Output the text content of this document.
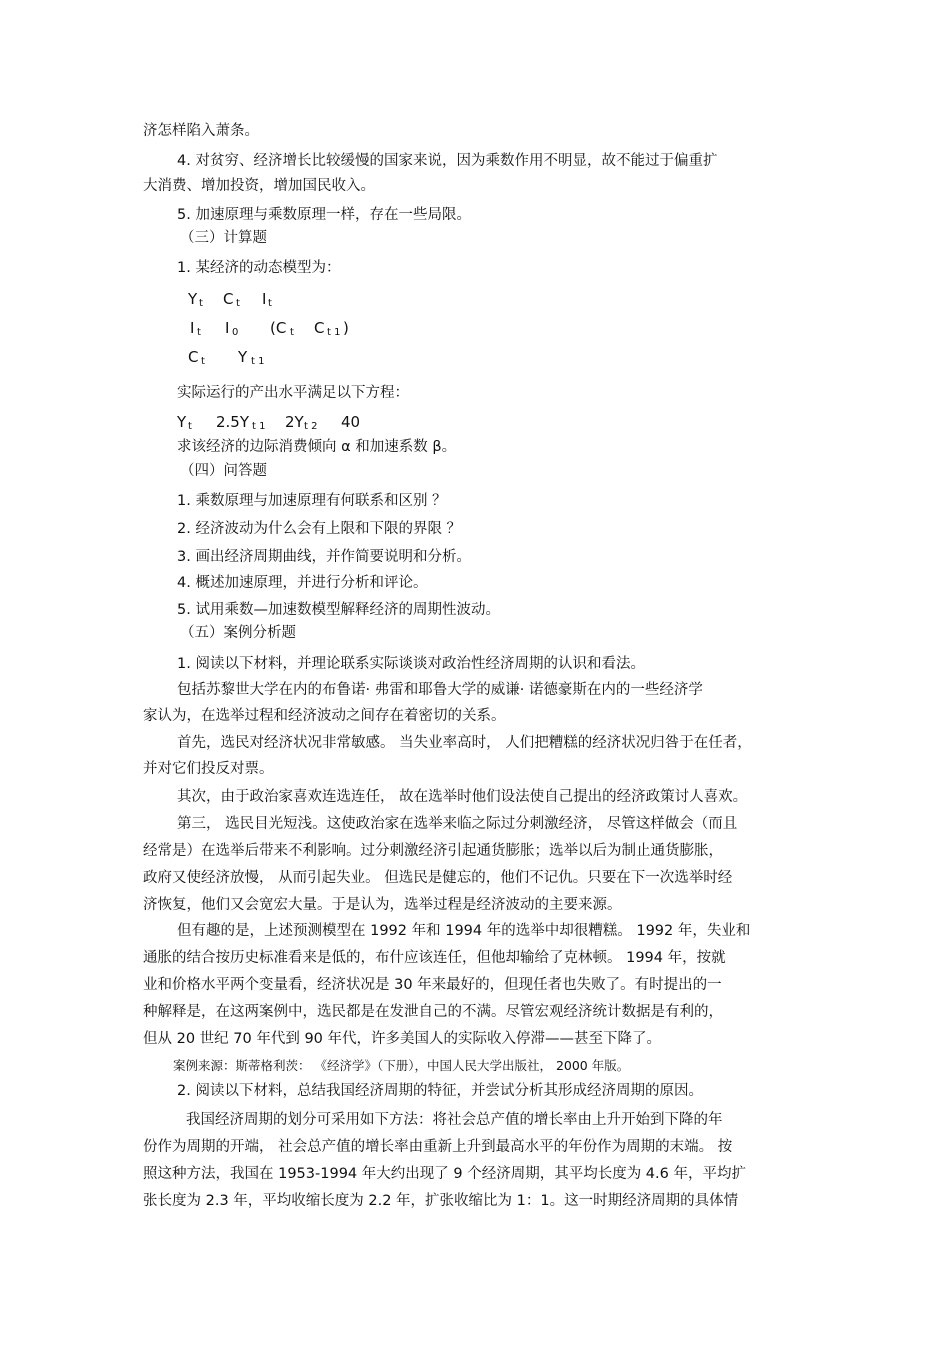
济怎样陷入萧条。
4. 对贫穷、经济增长比较缓慢的国家来说，因为乘数作用不明显，故不能过于偏重扩
大消费、增加投资，增加国民收入。
5. 加速原理与乘数原理一样，存在一些局限。
（三）计算题
1. 某经济的动态模型为：
Y t C t I t
I t I 0 (C t C t 1 )
C t Y t 1
实际运行的产出水平满足以下方程：
Y t 2.5Y t 1 2Y t 2 40
求该经济的边际消费倾向 α 和加速系数 β。
（四）问答题
1. 乘数原理与加速原理有何联系和区别 ？
2. 经济波动为什么会有上限和下限的界限 ？
3. 画出经济周期曲线，并作简要说明和分析。
4. 概述加速原理，并进行分析和评论。
5. 试用乘数—加速数模型解释经济的周期性波动。
（五）案例分析题
1. 阅读以下材料，并理论联系实际谈谈对政治性经济周期的认识和看法。
包括苏黎世大学在内的布鲁诺· 弗雷和耶鲁大学的威谦· 诺德豪斯在内的一些经济学
家认为，在选举过程和经济波动之间存在着密切的关系。
首先，选民对经济状况非常敏感。 当失业率高时， 人们把糟糕的经济状况归咎于在任者，
并对它们投反对票。
其次，由于政治家喜欢连选连任， 故在选举时他们设法使自己提出的经济政策讨人喜欢。
第三， 选民目光短浅。这使政治家在选举来临之际过分刺激经济， 尽管这样做会（而且
经常是）在选举后带来不利影响。过分刺激经济引起通货膨胀；选举以后为制止通货膨胀，
政府又使经济放慢， 从而引起失业。 但选民是健忘的，他们不记仇。只要在下一次选举时经
济恢复，他们又会宽宏大量。于是认为，选举过程是经济波动的主要来源。
但有趣的是，上述预测模型在 1992 年和 1994 年的选举中却很糟糕。 1992 年，失业和
通胀的结合按历史标准看来是低的，布什应该连任，但他却输给了克林顿。 1994 年，按就
业和价格水平两个变量看，经济状况是 30 年来最好的，但现任者也失败了。有时提出的一
种解释是，在这两案例中，选民都是在发泄自己的不满。尽管宏观经济统计数据是有利的，
但从 20 世纪 70 年代到 90 年代，许多美国人的实际收入停滞——甚至下降了。
案例来源：斯蒂格利茨： 《经济学》（下册），中国人民大学出版社， 2000 年版。
2. 阅读以下材料，总结我国经济周期的特征，并尝试分析其形成经济周期的原因。
我国经济周期的划分可采用如下方法：将社会总产值的增长率由上升开始到下降的年
份作为周期的开端， 社会总产值的增长率由重新上升到最高水平的年份作为周期的末端。 按
照这种方法，我国在 1953-1994 年大约出现了 9 个经济周期，其平均长度为 4.6 年，平均扩
张长度为 2.3 年，平均收缩长度为 2.2 年，扩张收缩比为 1：1。这一时期经济周期的具体情
